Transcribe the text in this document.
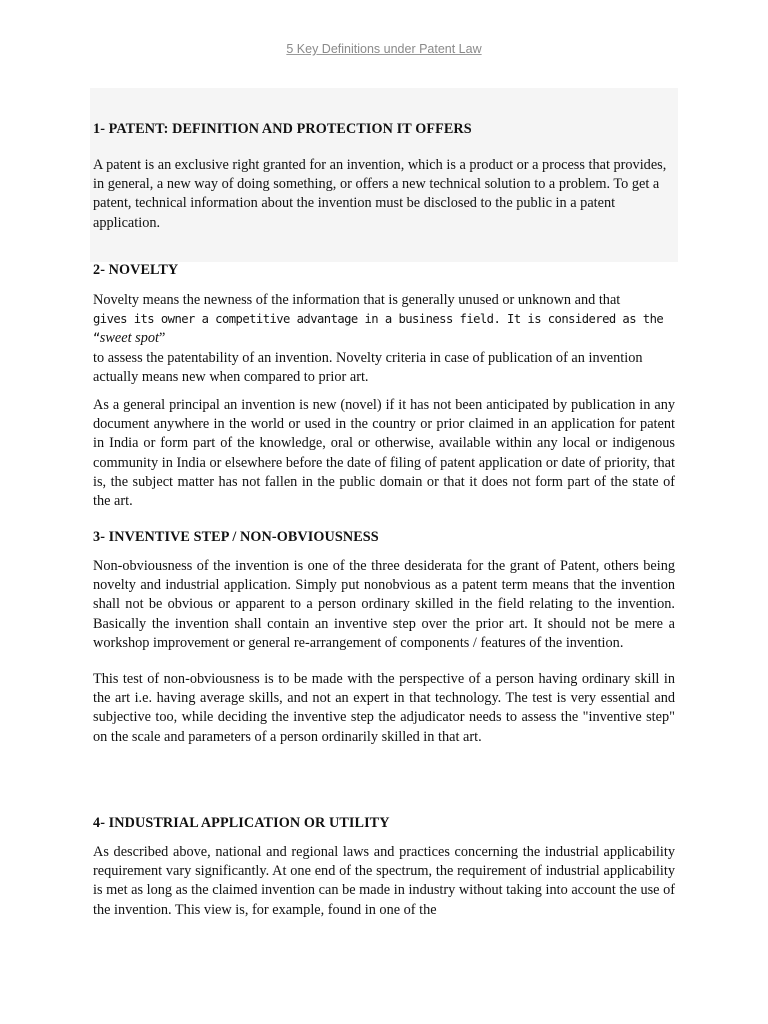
5 Key Definitions under Patent Law
1- PATENT: DEFINITION AND PROTECTION IT OFFERS

A patent is an exclusive right granted for an invention, which is a product or a process that provides, in general, a new way of doing something, or offers a new technical solution to a problem. To get a patent, technical information about the invention must be disclosed to the public in a patent application.

2- NOVELTY

Novelty means the newness of the information that is generally unused or unknown and that
gives its owner a competitive advantage in a business field. It is considered as the “sweet spot”
to assess the patentability of an invention. Novelty criteria in case of publication of an invention actually means new when compared to prior art.

As a general principal an invention is new (novel) if it has not been anticipated by publication in any document anywhere in the world or used in the country or prior claimed in an application for patent in India or form part of the knowledge, oral or otherwise, available within any local or indigenous community in India or elsewhere before the date of filing of patent application or date of priority, that is, the subject matter has not fallen in the public domain or that it does not form part of the state of the art.

3- INVENTIVE STEP / NON-OBVIOUSNESS

Non-obviousness of the invention is one of the three desiderata for the grant of Patent, others being novelty and industrial application. Simply put nonobvious as a patent term means that the invention shall not be obvious or apparent to a person ordinary skilled in the field relating to the invention. Basically the invention shall contain an inventive step over the prior art. It should not be mere a workshop improvement or general re-arrangement of components / features of the invention.

This test of non-obviousness is to be made with the perspective of a person having ordinary skill in the art i.e. having average skills, and not an expert in that technology. The test is very essential and subjective too, while deciding the inventive step the adjudicator needs to assess the "inventive step" on the scale and parameters of a person ordinarily skilled in that art.

4- INDUSTRIAL APPLICATION OR UTILITY

As described above, national and regional laws and practices concerning the industrial applicability requirement vary significantly. At one end of the spectrum, the requirement of industrial applicability is met as long as the claimed invention can be made in industry without taking into account the use of the invention. This view is, for example, found in one of the
